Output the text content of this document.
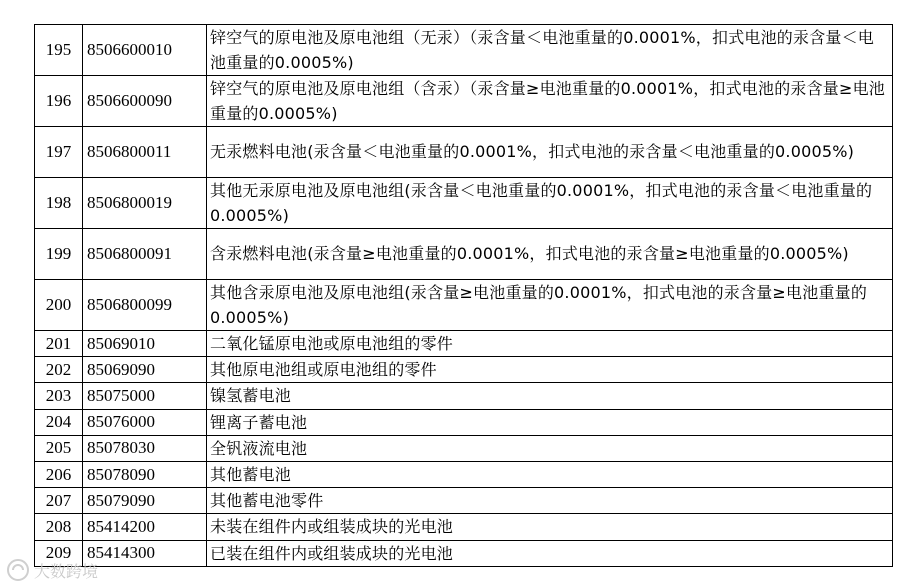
195	8506600010	锌空气的原电池及原电池组（无汞）（汞含量＜电池重量的0.0001%，扣式电池的汞含量＜电池重量的0.0005%)
196	8506600090	锌空气的原电池及原电池组（含汞）（汞含量≥电池重量的0.0001%，扣式电池的汞含量≥电池重量的0.0005%)
197	8506800011	无汞燃料电池(汞含量＜电池重量的0.0001%，扣式电池的汞含量＜电池重量的0.0005%)
198	8506800019	其他无汞原电池及原电池组(汞含量＜电池重量的0.0001%，扣式电池的汞含量＜电池重量的0.0005%)
199	8506800091	含汞燃料电池(汞含量≥电池重量的0.0001%，扣式电池的汞含量≥电池重量的0.0005%)
200	8506800099	其他含汞原电池及原电池组(汞含量≥电池重量的0.0001%，扣式电池的汞含量≥电池重量的0.0005%)
201	85069010	二氧化锰原电池或原电池组的零件
202	85069090	其他原电池组或原电池组的零件
203	85075000	镍氢蓄电池
204	85076000	锂离子蓄电池
205	85078030	全钒液流电池
206	85078090	其他蓄电池
207	85079090	其他蓄电池零件
208	85414200	未装在组件内或组装成块的光电池
209	85414300	已装在组件内或组装成块的光电池
大数跨境
